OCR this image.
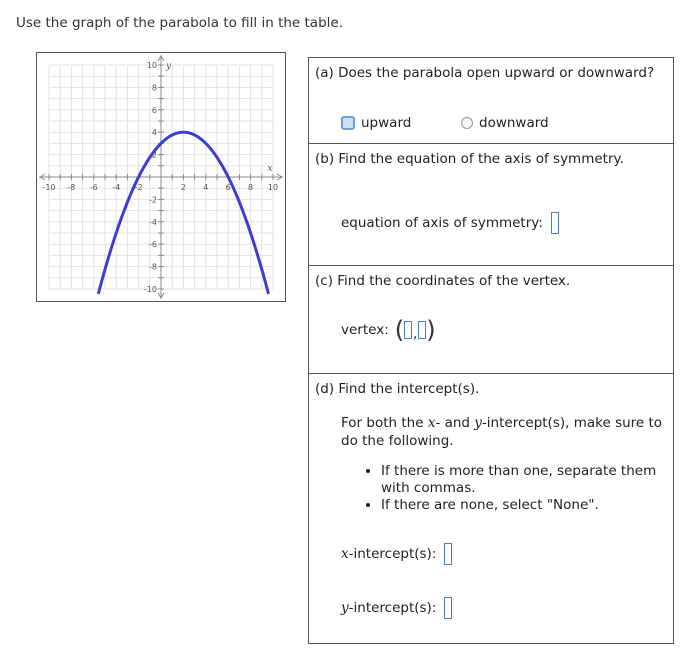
Use the graph of the parabola to fill in the table.
-10 -8 -6 -4 -2	2 4 6 8 10
10
8
6
4
2
-2
-4
-6
-8
-10
x
y	(a) Does the parabola open upward or downward?
upward	downward
(b) Find the equation of the axis of symmetry.
equation of axis of symmetry:
(c) Find the coordinates of the vertex.
vertex: ( , )
(d) Find the intercept(s).
For both the x- and y-intercept(s), make sure to do the following.
• If there is more than one, separate them with commas.
• If there are none, select "None".
x -intercept(s):
y -intercept(s):
